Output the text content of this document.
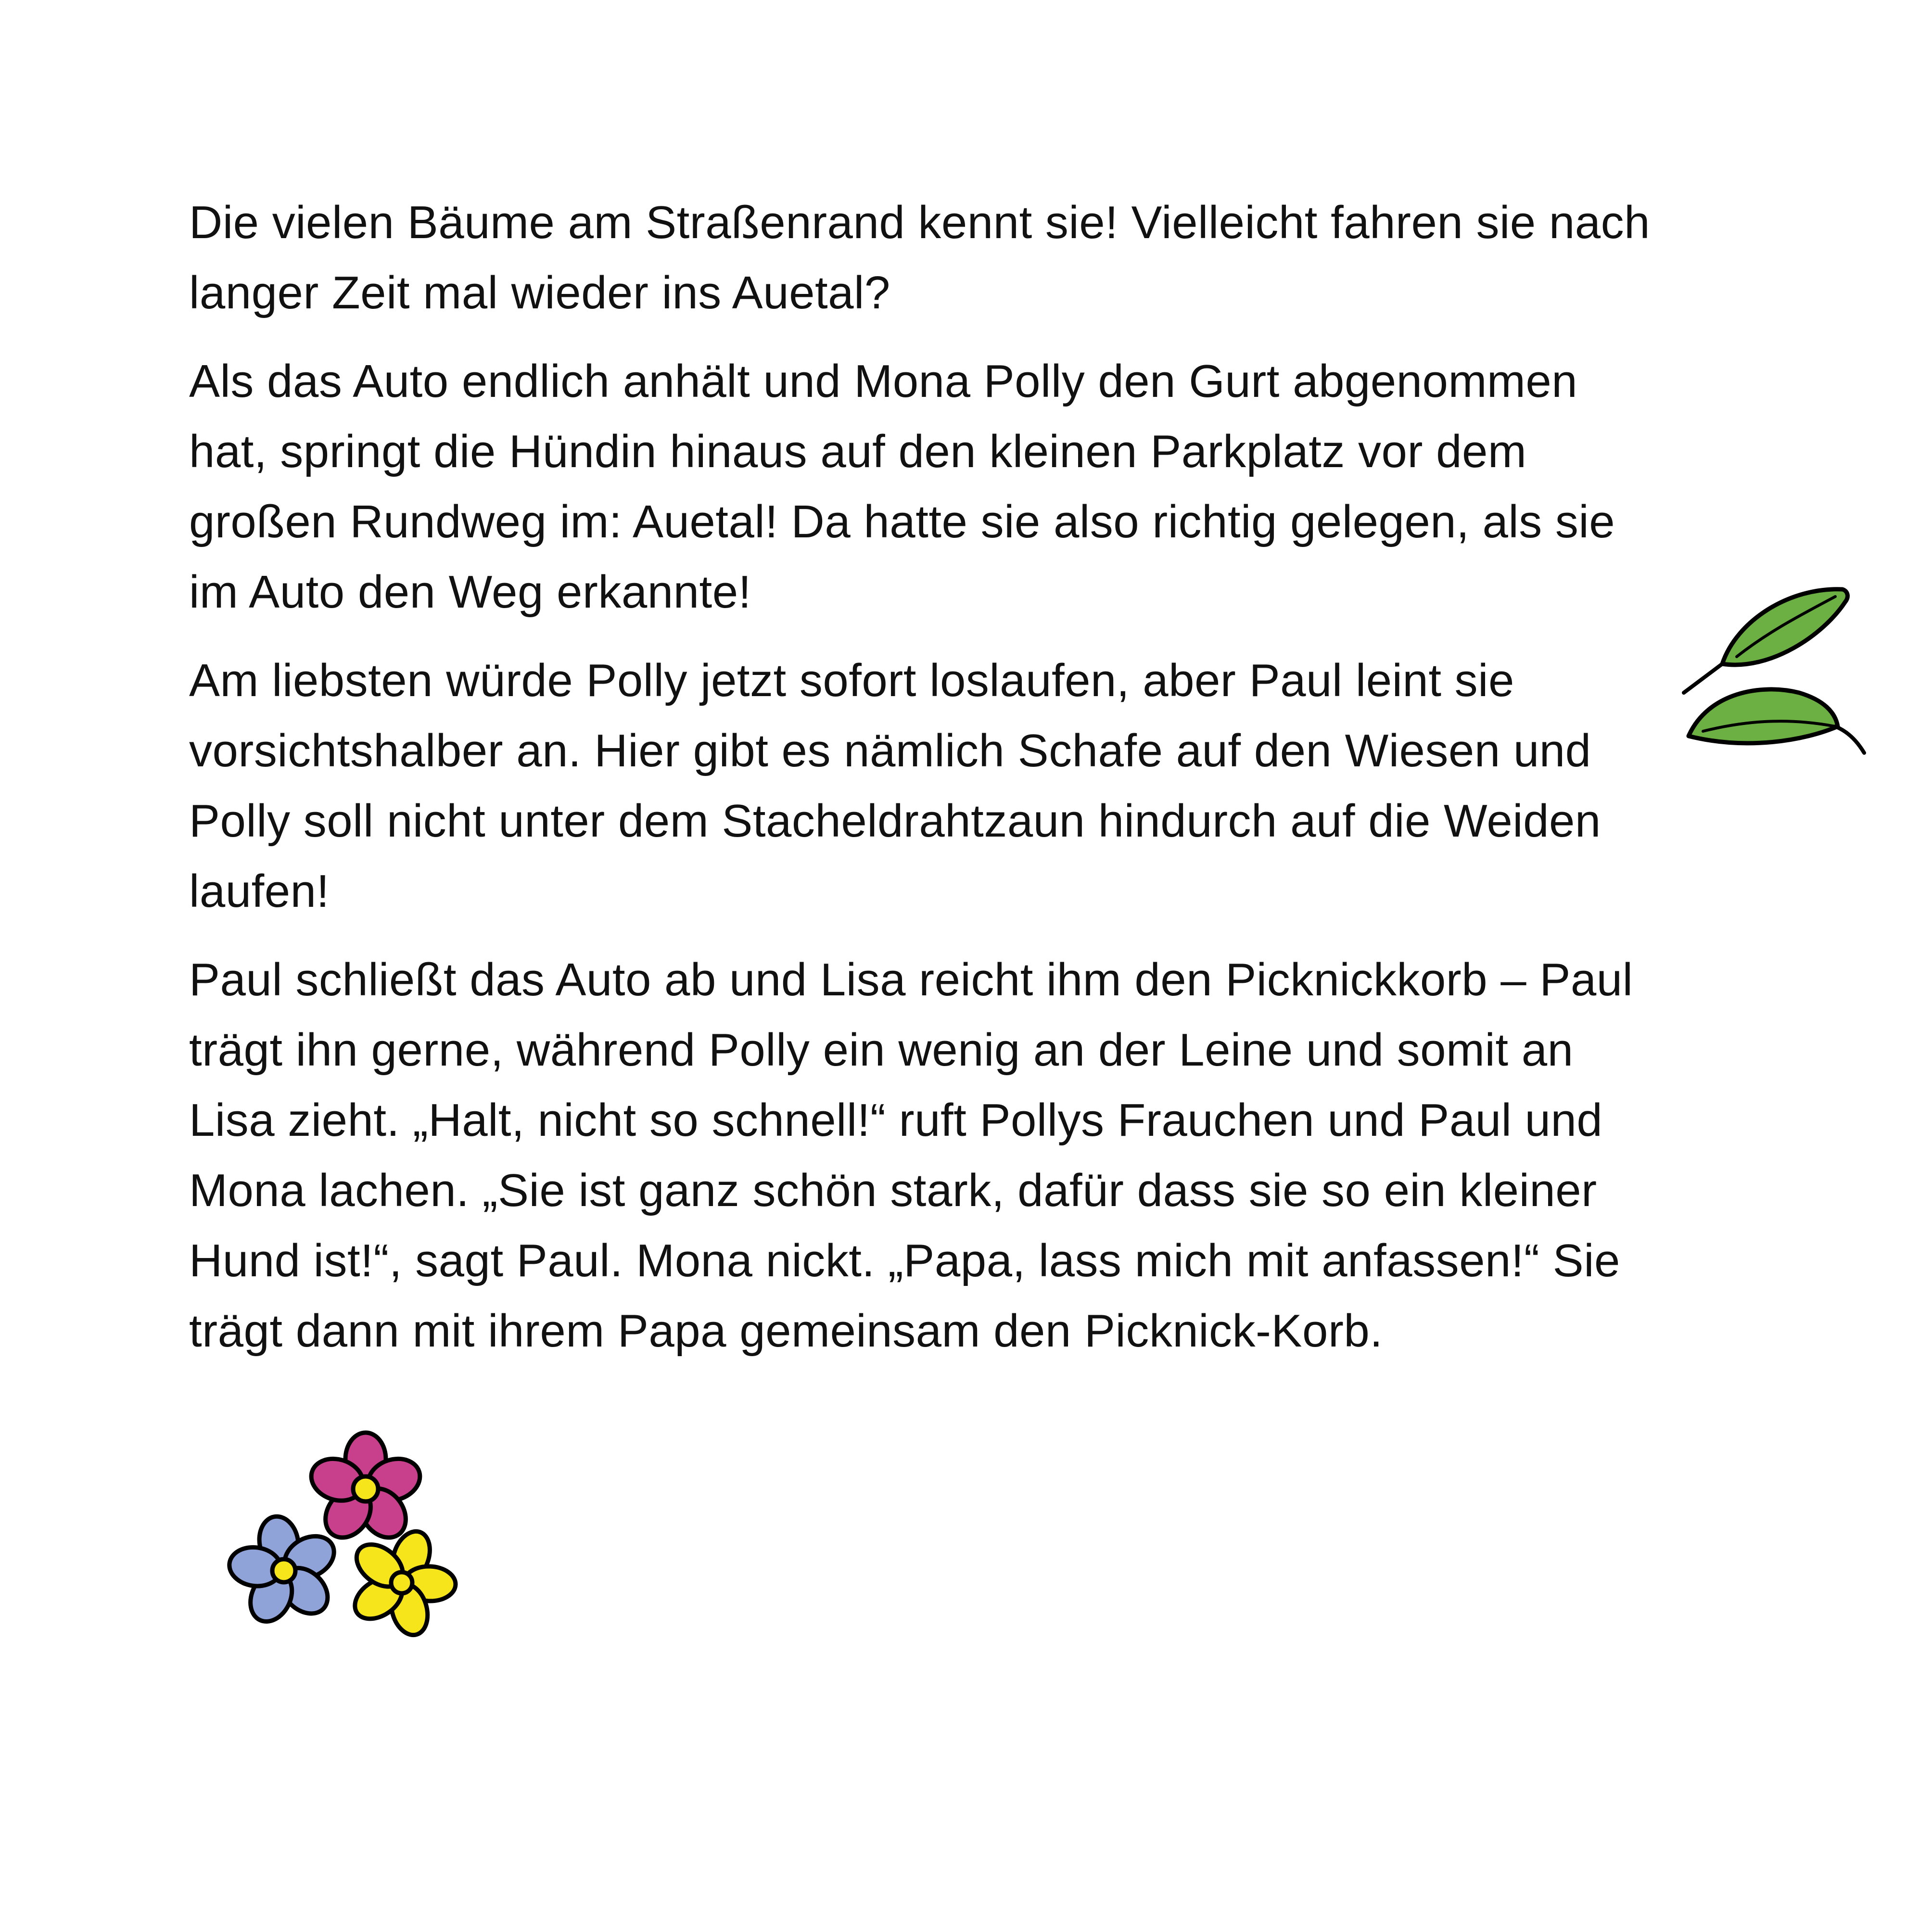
Die vielen Bäume am Straßenrand kennt sie! Vielleicht fahren sie nach
langer Zeit mal wieder ins Auetal?

Als das Auto endlich anhält und Mona Polly den Gurt abgenommen
hat, springt die Hündin hinaus auf den kleinen Parkplatz vor dem
großen Rundweg im: Auetal! Da hatte sie also richtig gelegen, als sie
im Auto den Weg erkannte!

Am liebsten würde Polly jetzt sofort loslaufen, aber Paul leint sie
vorsichtshalber an. Hier gibt es nämlich Schafe auf den Wiesen und
Polly soll nicht unter dem Stacheldrahtzaun hindurch auf die Weiden
laufen!

Paul schließt das Auto ab und Lisa reicht ihm den Picknickkorb – Paul
trägt ihn gerne, während Polly ein wenig an der Leine und somit an
Lisa zieht. „Halt, nicht so schnell!“ ruft Pollys Frauchen und Paul und
Mona lachen. „Sie ist ganz schön stark, dafür dass sie so ein kleiner
Hund ist!“, sagt Paul. Mona nickt. „Papa, lass mich mit anfassen!“ Sie
trägt dann mit ihrem Papa gemeinsam den Picknick-Korb.
